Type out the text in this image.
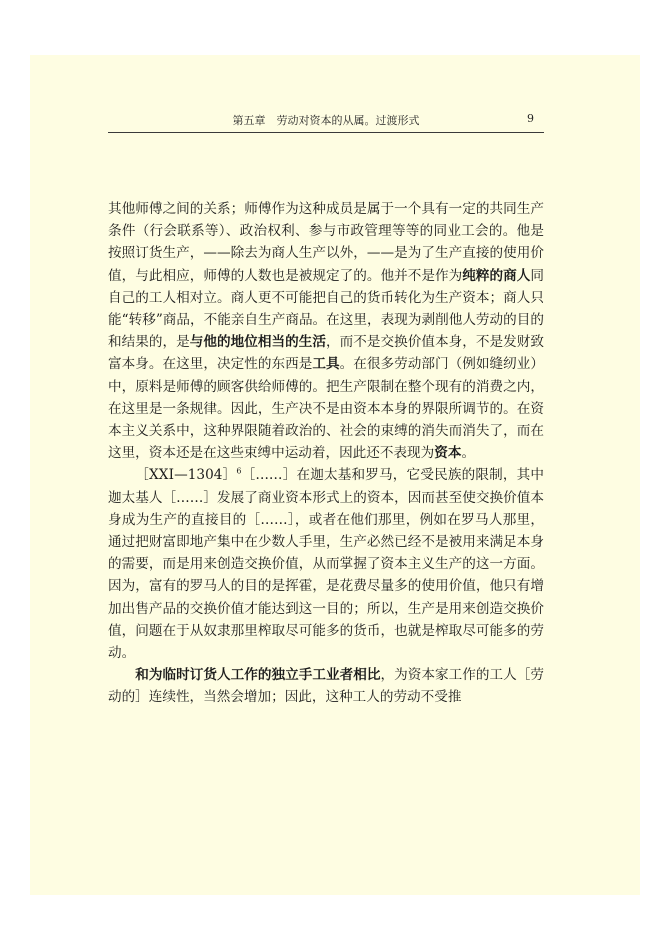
第五章　劳动对资本的从属。过渡形式	9

其他师傅之间的关系；师傅作为这种成员是属于一个具有一定的共同生产条件（行会联系等）、政治权利、参与市政管理等等的同业工会的。他是按照订货生产，——除去为商人生产以外，——是为了生产直接的使用价值，与此相应，师傅的人数也是被规定了的。他并不是作为纯粹的商人同自己的工人相对立。商人更不可能把自己的货币转化为生产资本；商人只能“转移”商品，不能亲自生产商品。在这里，表现为剥削他人劳动的目的和结果的，是与他的地位相当的生活，而不是交换价值本身，不是发财致富本身。在这里，决定性的东西是工具。在很多劳动部门（例如缝纫业）中，原料是师傅的顾客供给师傅的。把生产限制在整个现有的消费之内，在这里是一条规律。因此，生产决不是由资本本身的界限所调节的。在资本主义关系中，这种界限随着政治的、社会的束缚的消失而消失了，而在这里，资本还是在这些束缚中运动着，因此还不表现为资本。

［ⅩⅩⅠ—1304］$^6$［……］在迦太基和罗马，它受民族的限制，其中迦太基人［……］发展了商业资本形式上的资本，因而甚至使交换价值本身成为生产的直接目的［……］，或者在他们那里，例如在罗马人那里，通过把财富即地产集中在少数人手里，生产必然已经不是被用来满足本身的需要，而是用来创造交换价值，从而掌握了资本主义生产的这一方面。因为，富有的罗马人的目的是挥霍，是花费尽量多的使用价值，他只有增加出售产品的交换价值才能达到这一目的；所以，生产是用来创造交换价值，问题在于从奴隶那里榨取尽可能多的货币，也就是榨取尽可能多的劳动。

和为临时订货人工作的独立手工业者相比，为资本家工作的工人［劳动的］连续性，当然会增加；因此，这种工人的劳动不受推
